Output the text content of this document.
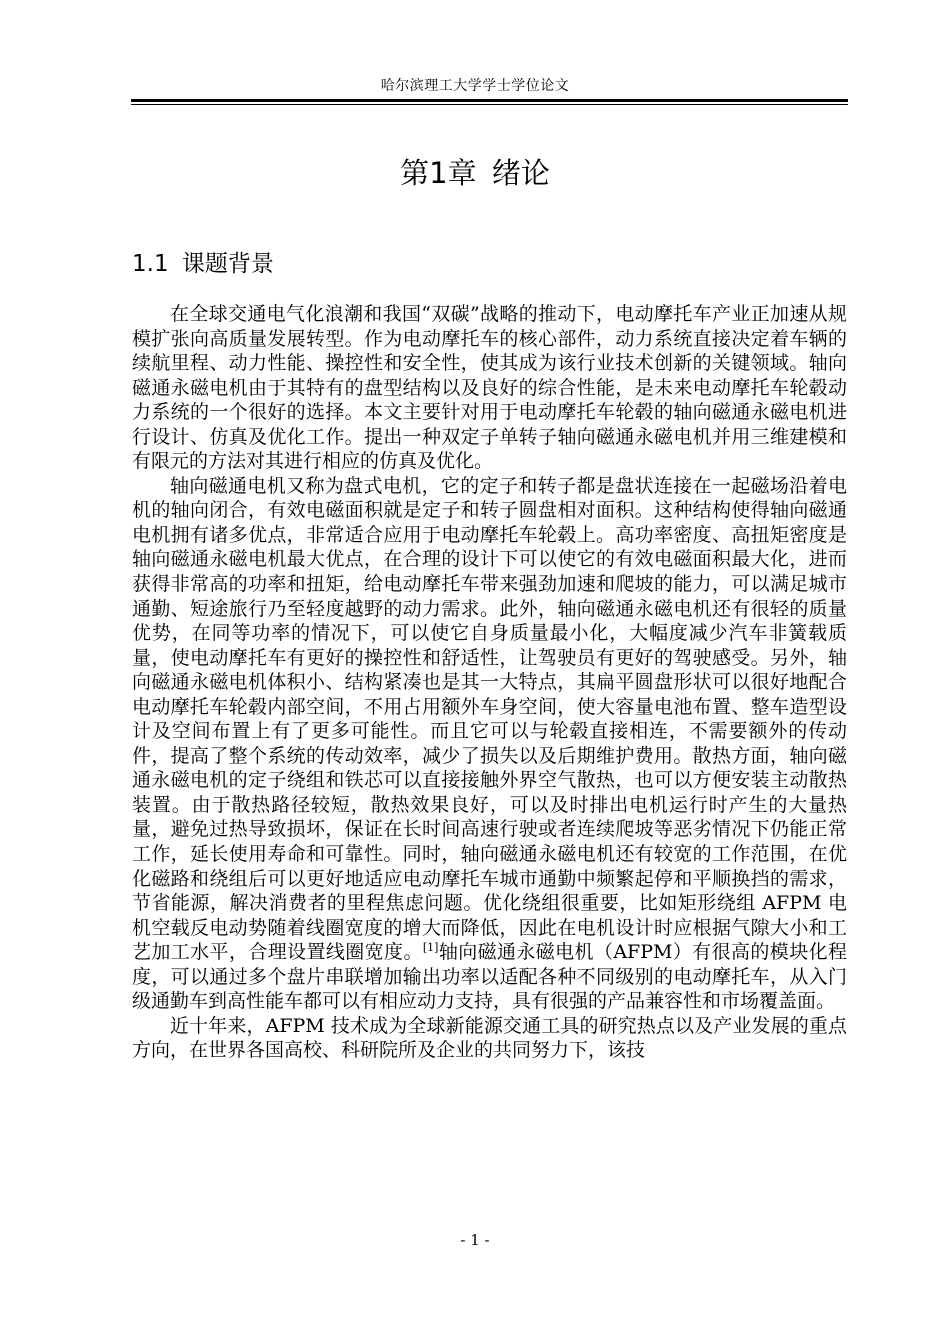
哈尔滨理工大学学士学位论文
第1章 绪论
1.1 课题背景

在全球交通电气化浪潮和我国“双碳”战略的推动下，电动摩托车产业正加速从规模扩张向高质量发展转型。作为电动摩托车的核心部件，动力系统直接决定着车辆的续航里程、动力性能、操控性和安全性，使其成为该行业技术创新的关键领域。轴向磁通永磁电机由于其特有的盘型结构以及良好的综合性能，是未来电动摩托车轮毂动力系统的一个很好的选择。本文主要针对用于电动摩托车轮毂的轴向磁通永磁电机进行设计、仿真及优化工作。提出一种双定子单转子轴向磁通永磁电机并用三维建模和有限元的方法对其进行相应的仿真及优化。

轴向磁通电机又称为盘式电机，它的定子和转子都是盘状连接在一起磁场沿着电机的轴向闭合，有效电磁面积就是定子和转子圆盘相对面积。这种结构使得轴向磁通电机拥有诸多优点，非常适合应用于电动摩托车轮毂上。高功率密度、高扭矩密度是轴向磁通永磁电机最大优点，在合理的设计下可以使它的有效电磁面积最大化，进而获得非常高的功率和扭矩，给电动摩托车带来强劲加速和爬坡的能力，可以满足城市通勤、短途旅行乃至轻度越野的动力需求。此外，轴向磁通永磁电机还有很轻的质量优势，在同等功率的情况下，可以使它自身质量最小化，大幅度减少汽车非簧载质量，使电动摩托车有更好的操控性和舒适性，让驾驶员有更好的驾驶感受。另外，轴向磁通永磁电机体积小、结构紧凑也是其一大特点，其扁平圆盘形状可以很好地配合电动摩托车轮毂内部空间，不用占用额外车身空间，使大容量电池布置、整车造型设计及空间布置上有了更多可能性。而且它可以与轮毂直接相连，不需要额外的传动件，提高了整个系统的传动效率，减少了损失以及后期维护费用。散热方面，轴向磁通永磁电机的定子绕组和铁芯可以直接接触外界空气散热，也可以方便安装主动散热装置。由于散热路径较短，散热效果良好，可以及时排出电机运行时产生的大量热量，避免过热导致损坏，保证在长时间高速行驶或者连续爬坡等恶劣情况下仍能正常工作，延长使用寿命和可靠性。同时，轴向磁通永磁电机还有较宽的工作范围，在优化磁路和绕组后可以更好地适应电动摩托车城市通勤中频繁起停和平顺换挡的需求，节省能源，解决消费者的里程焦虑问题。优化绕组很重要，比如矩形绕组 AFPM 电机空载反电动势随着线圈宽度的增大而降低，因此在电机设计时应根据气隙大小和工艺加工水平，合理设置线圈宽度。[1]轴向磁通永磁电机（AFPM）有很高的模块化程度，可以通过多个盘片串联增加输出功率以适配各种不同级别的电动摩托车，从入门级通勤车到高性能车都可以有相应动力支持，具有很强的产品兼容性和市场覆盖面。

近十年来，AFPM 技术成为全球新能源交通工具的研究热点以及产业发展的重点方向，在世界各国高校、科研院所及企业的共同努力下，该技

- 1 -
